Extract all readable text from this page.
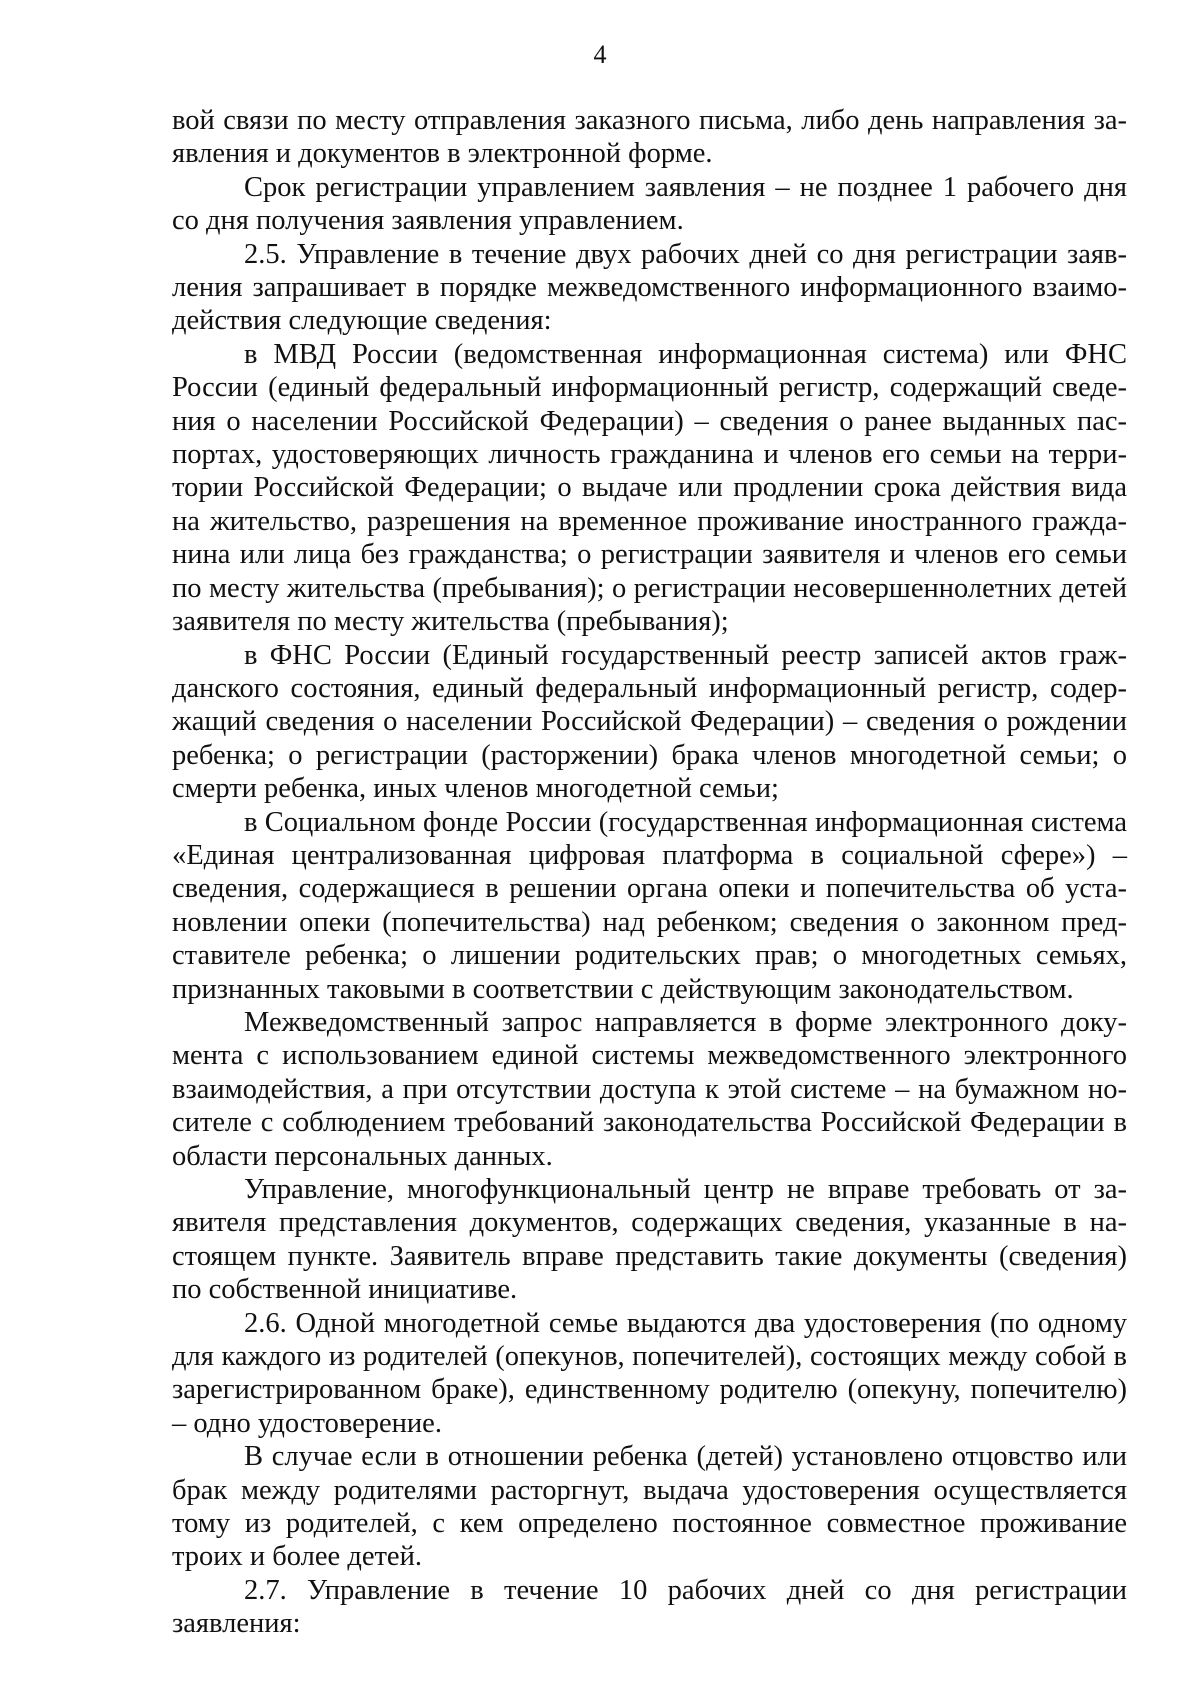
4

вой связи по месту отправления заказного письма, либо день направления заявления и документов в электронной форме.

Срок регистрации управлением заявления – не позднее 1 рабочего дня со дня получения заявления управлением.

2.5. Управление в течение двух рабочих дней со дня регистрации заявления запрашивает в порядке межведомственного информационного взаимодействия следующие сведения:

в МВД России (ведомственная информационная система) или ФНС России (единый федеральный информационный регистр, содержащий сведения о населении Российской Федерации) – сведения о ранее выданных паспортах, удостоверяющих личность гражданина и членов его семьи на территории Российской Федерации; о выдаче или продлении срока действия вида на жительство, разрешения на временное проживание иностранного гражданина или лица без гражданства; о регистрации заявителя и членов его семьи по месту жительства (пребывания); о регистрации несовершеннолетних детей заявителя по месту жительства (пребывания);

в ФНС России (Единый государственный реестр записей актов гражданского состояния, единый федеральный информационный регистр, содержащий сведения о населении Российской Федерации) – сведения о рождении ребенка; о регистрации (расторжении) брака членов многодетной семьи; о смерти ребенка, иных членов многодетной семьи;

в Социальном фонде России (государственная информационная система «Единая централизованная цифровая платформа в социальной сфере») – сведения, содержащиеся в решении органа опеки и попечительства об установлении опеки (попечительства) над ребенком; сведения о законном представителе ребенка; о лишении родительских прав; о многодетных семьях, признанных таковыми в соответствии с действующим законодательством.

Межведомственный запрос направляется в форме электронного документа с использованием единой системы межведомственного электронного взаимодействия, а при отсутствии доступа к этой системе – на бумажном носителе с соблюдением требований законодательства Российской Федерации в области персональных данных.

Управление, многофункциональный центр не вправе требовать от заявителя представления документов, содержащих сведения, указанные в настоящем пункте. Заявитель вправе представить такие документы (сведения) по собственной инициативе.

2.6. Одной многодетной семье выдаются два удостоверения (по одному для каждого из родителей (опекунов, попечителей), состоящих между собой в зарегистрированном браке), единственному родителю (опекуну, попечителю) – одно удостоверение.

В случае если в отношении ребенка (детей) установлено отцовство или брак между родителями расторгнут, выдача удостоверения осуществляется тому из родителей, с кем определено постоянное совместное проживание троих и более детей.

2.7. Управление в течение 10 рабочих дней со дня регистрации заявления:
